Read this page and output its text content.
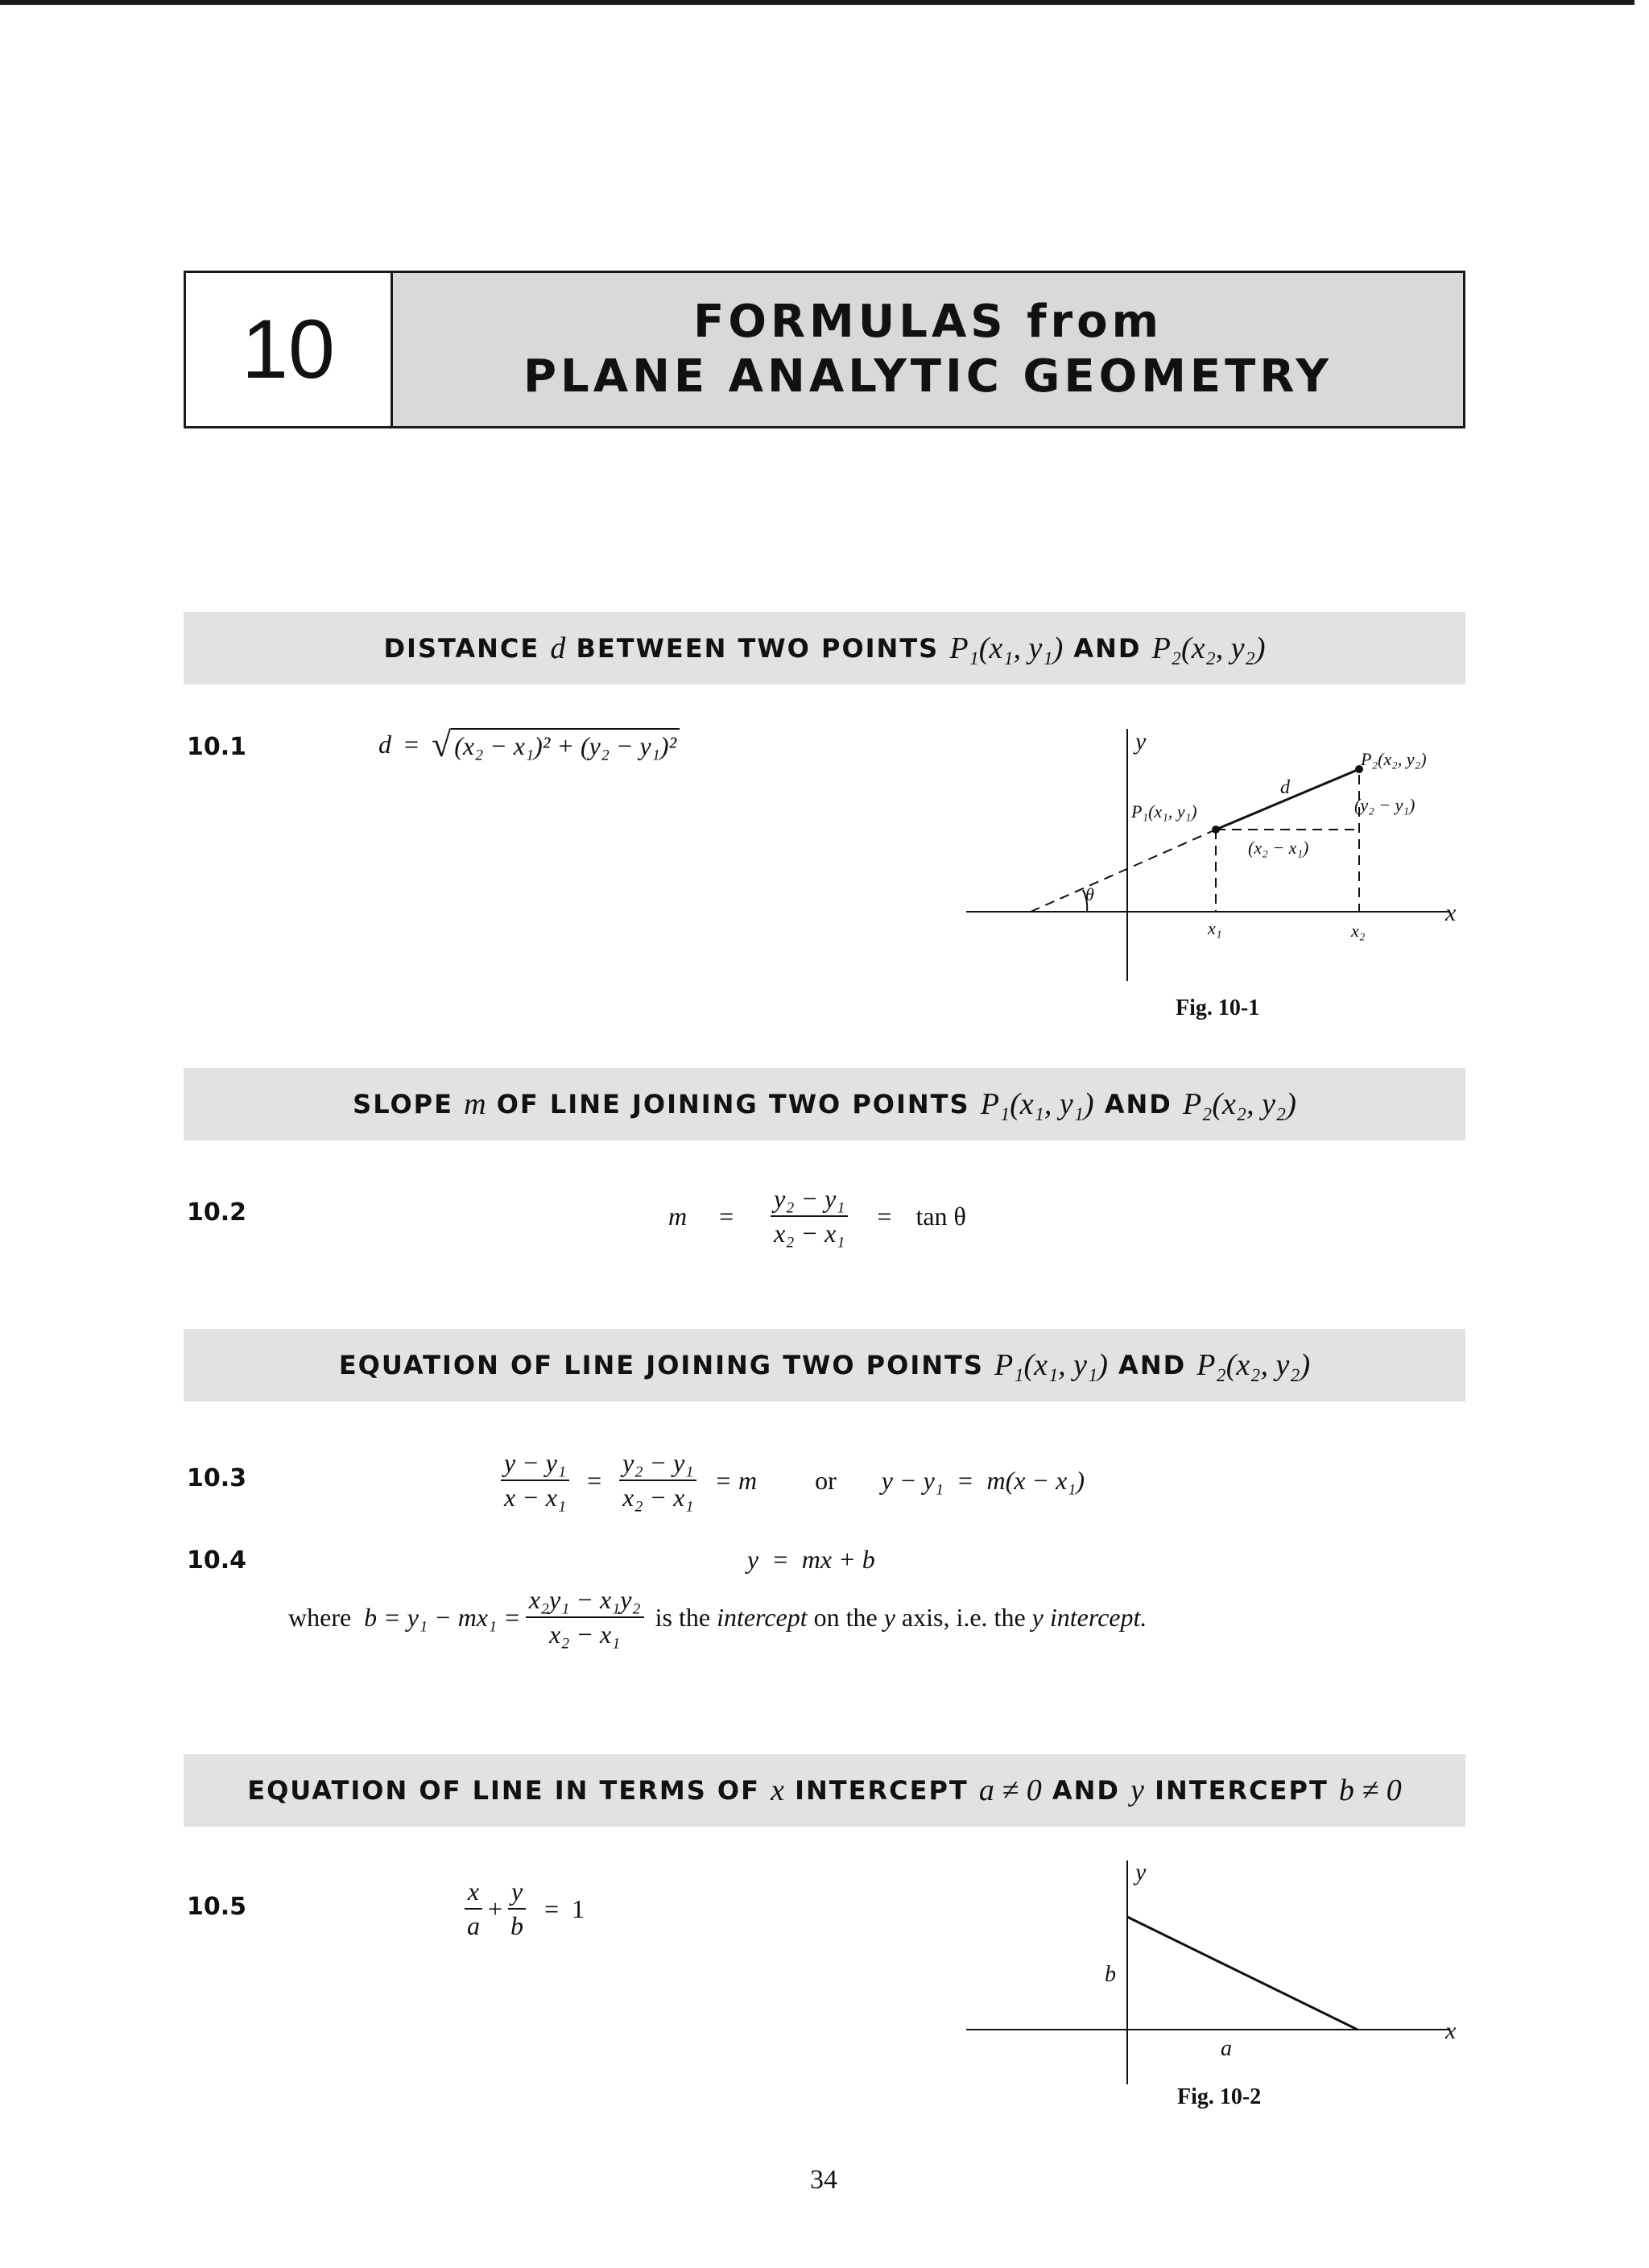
10	FORMULAS from
PLANE ANALYTIC GEOMETRY
DISTANCE
d
BETWEEN TWO POINTS
P₁(x₁, y₁)
AND
P₂(x₂, y₂)
10.1	d = √ (x₂ − x₁)² + (y₂ − y₁)²	y
x
P₁(x₁, y₁)
P₂(x₂, y₂)
d
(y₂ − y₁)
(x₂ − x₁)
θ
x₁	x₂
Fig. 10-1
SLOPE
m
OF LINE JOINING TWO POINTS
P₁(x₁, y₁)
AND
P₂(x₂, y₂)
10.2	$m = \frac{\text{y₂ − y₁}}{\text{x₂ − x₁}} = \tan \theta$
EQUATION OF LINE JOINING TWO POINTS
P₁(x₁, y₁)
AND
P₂(x₂, y₂)
10.3	$\frac{\text{y − y₁}}{\text{x − x₁}} = \frac{\text{y₂ − y₁}}{\text{x₂ − x₁}} = m$ or y − y₁  =  m(x − x₁)
10.4	y  =  mx + b
where
$b = y_1 - mx_1 = \frac{\text{x₂y₁ − x₁y₂}}{\text{x₂ − x₁}}$
is the
intercept
on the
y
axis, i.e. the
y
intercept.
EQUATION OF LINE IN TERMS OF
x
INTERCEPT
a ≠ 0
AND
y
INTERCEPT
b ≠ 0
10.5	$\frac{x}{a} + \frac{y}{b} = 1$
y
x
b
a
Fig. 10-2
34
